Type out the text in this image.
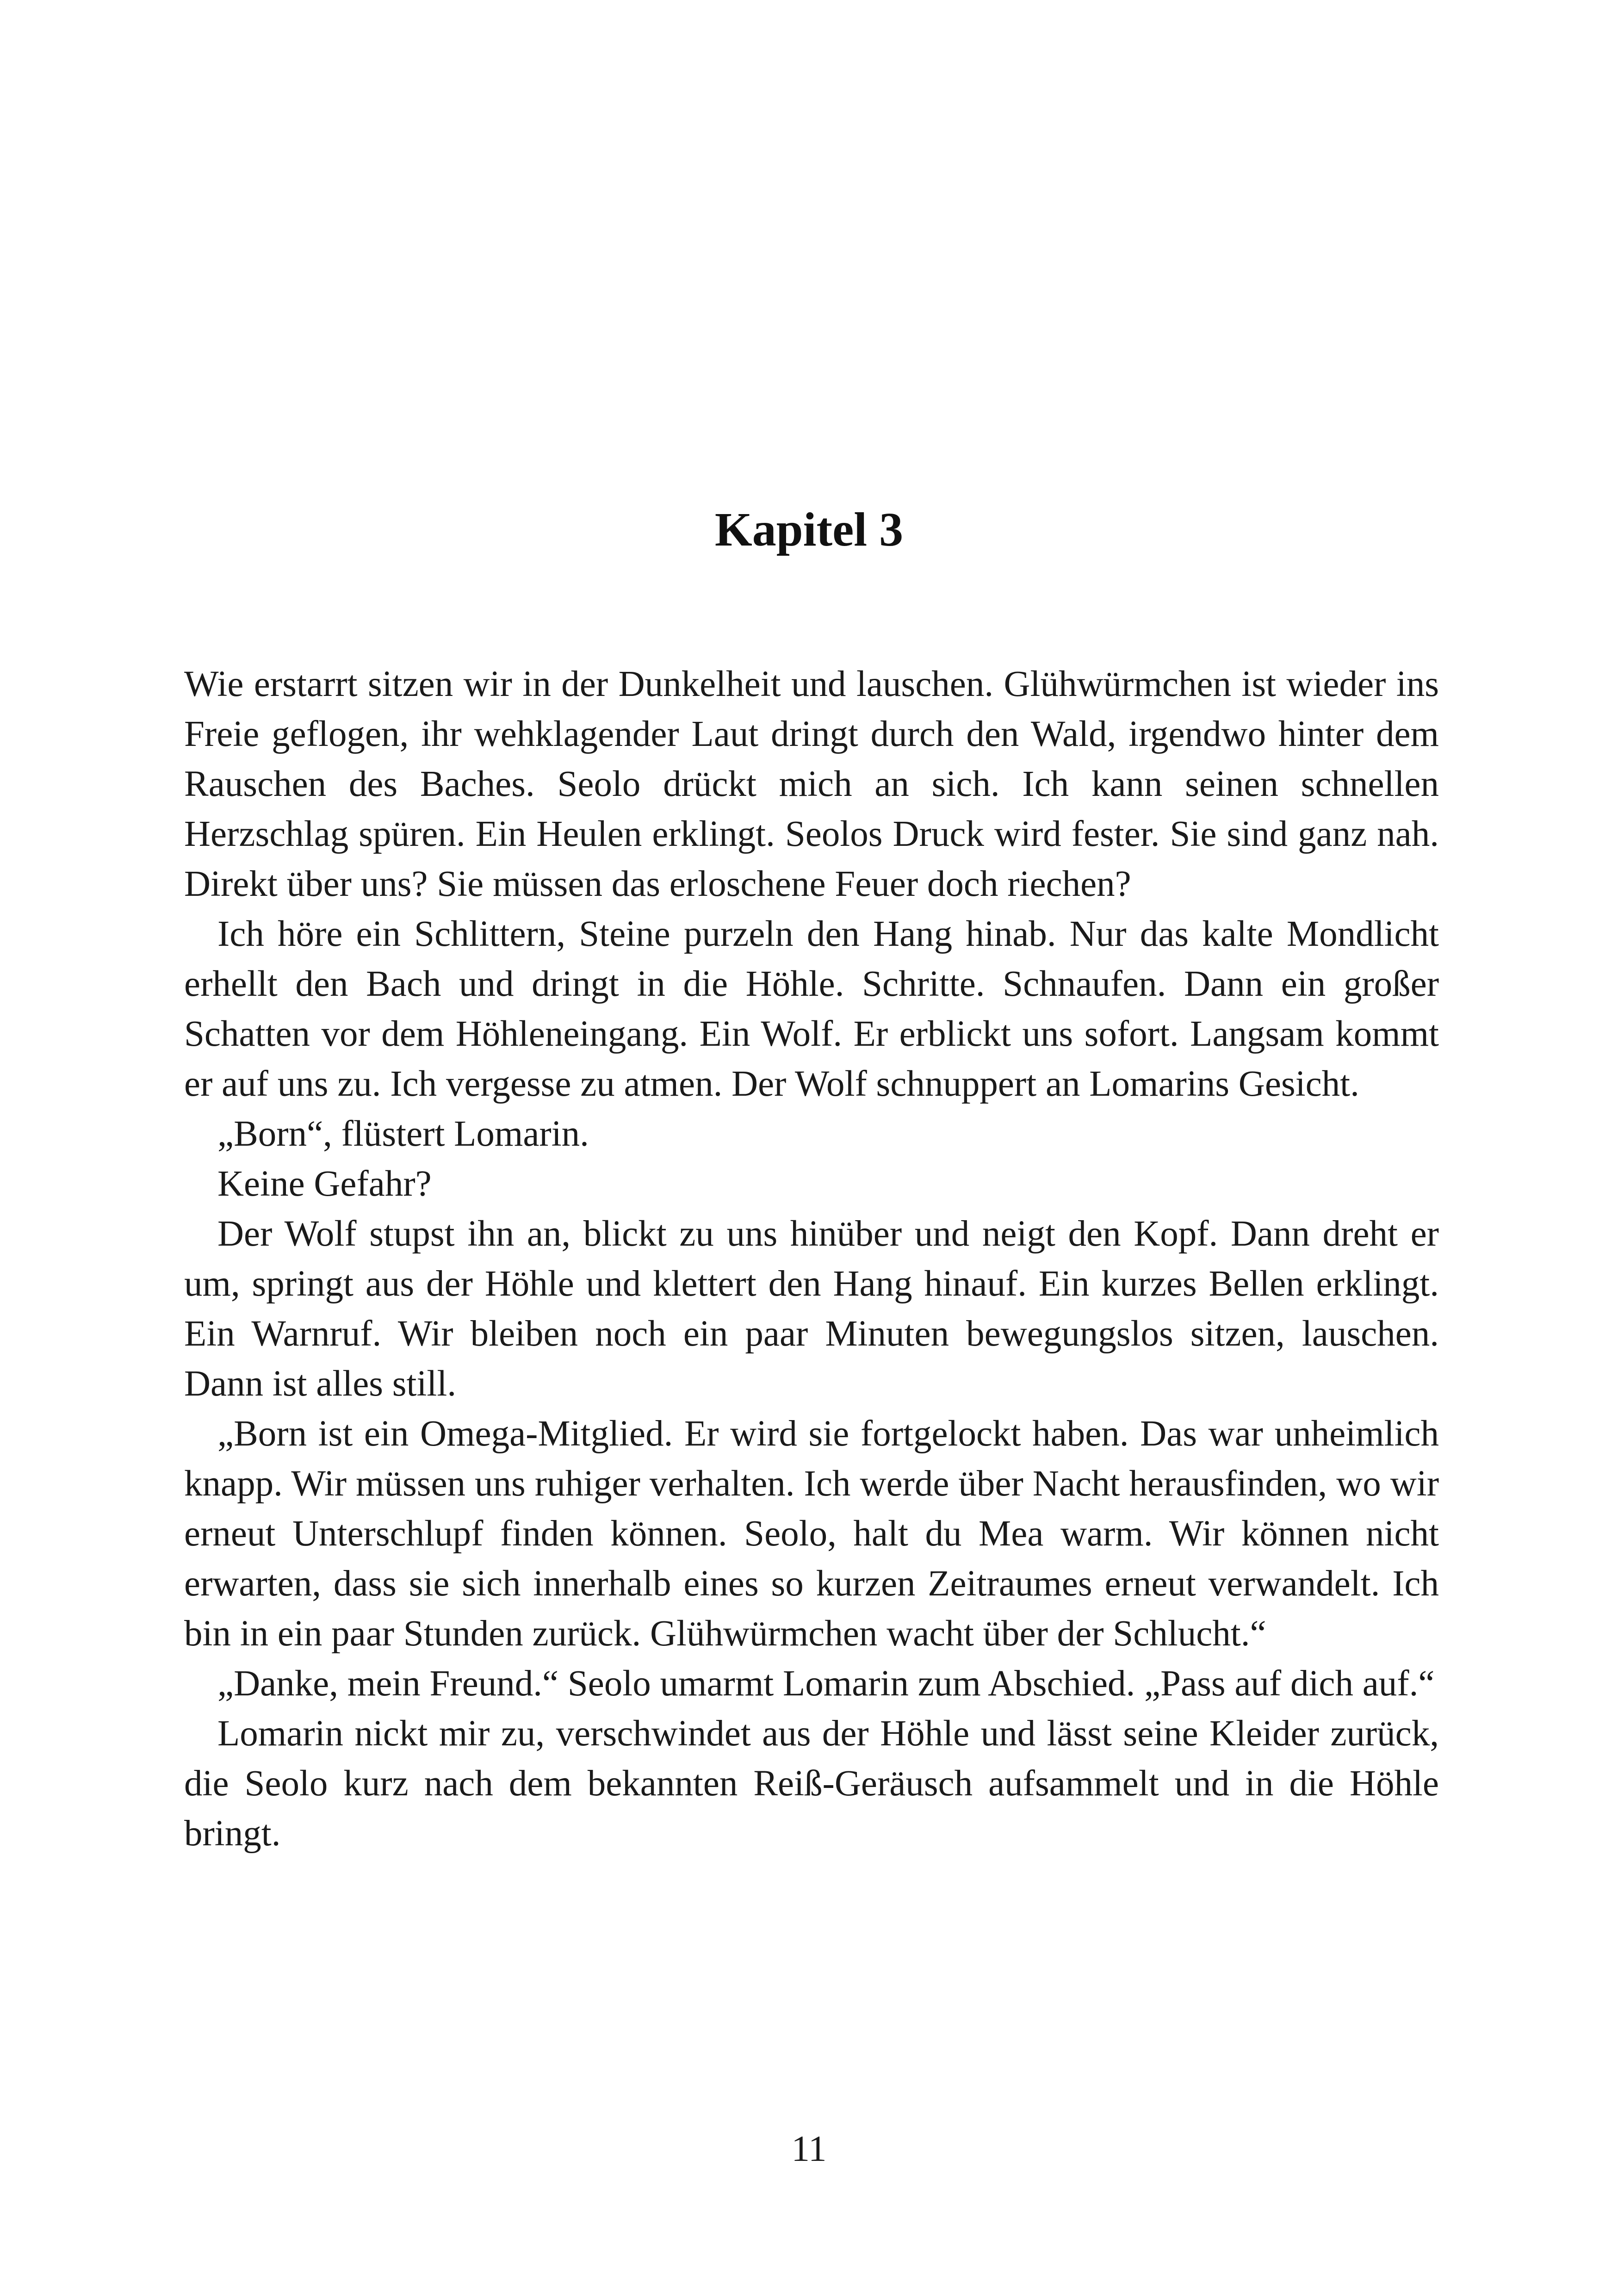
Kapitel 3

Wie erstarrt sitzen wir in der Dunkelheit und lauschen. Glühwürmchen ist wieder ins Freie geflogen, ihr wehklagender Laut dringt durch den Wald, irgendwo hinter dem Rauschen des Baches. Seolo drückt mich an sich. Ich kann seinen schnellen Herzschlag spüren. Ein Heulen erklingt. Seolos Druck wird fester. Sie sind ganz nah. Direkt über uns? Sie müssen das erloschene Feuer doch riechen?

Ich höre ein Schlittern, Steine purzeln den Hang hinab. Nur das kalte Mondlicht erhellt den Bach und dringt in die Höhle. Schritte. Schnaufen. Dann ein großer Schatten vor dem Höhleneingang. Ein Wolf. Er erblickt uns sofort. Langsam kommt er auf uns zu. Ich vergesse zu atmen. Der Wolf schnuppert an Lomarins Gesicht.

„Born“, flüstert Lomarin.

Keine Gefahr?

Der Wolf stupst ihn an, blickt zu uns hinüber und neigt den Kopf. Dann dreht er um, springt aus der Höhle und klettert den Hang hinauf. Ein kurzes Bellen erklingt. Ein Warnruf. Wir bleiben noch ein paar Minuten bewegungslos sitzen, lauschen. Dann ist alles still.

„Born ist ein Omega-Mitglied. Er wird sie fortgelockt haben. Das war unheimlich knapp. Wir müssen uns ruhiger verhalten. Ich werde über Nacht herausfinden, wo wir erneut Unterschlupf finden können. Seolo, halt du Mea warm. Wir können nicht erwarten, dass sie sich innerhalb eines so kurzen Zeitraumes erneut verwandelt. Ich bin in ein paar Stunden zurück. Glühwürmchen wacht über der Schlucht.“

„Danke, mein Freund.“ Seolo umarmt Lomarin zum Abschied. „Pass auf dich auf.“

Lomarin nickt mir zu, verschwindet aus der Höhle und lässt seine Kleider zurück, die Seolo kurz nach dem bekannten Reiß-Geräusch aufsammelt und in die Höhle bringt.

11
